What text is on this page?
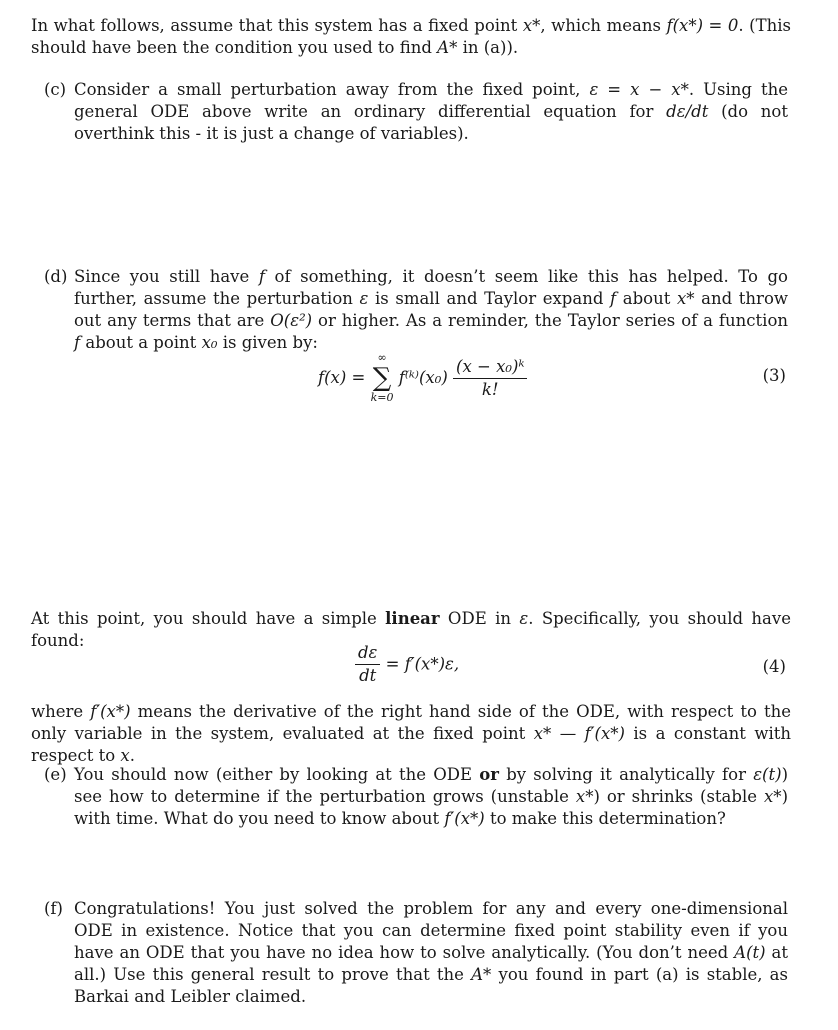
In what follows, assume that this system has a fixed point x*, which means f(x*) = 0. (This should have been the condition you used to find A* in (a)).
(c) Consider a small perturbation away from the fixed point, ε = x − x*. Using the general ODE above write an ordinary differential equation for dε/dt (do not overthink this - it is just a change of variables).
(d) Since you still have f of something, it doesn’t seem like this has helped. To go further, assume the perturbation ε is small and Taylor expand f about x* and throw out any terms that are O(ε²) or higher. As a reminder, the Taylor series of a function f about a point x₀ is given by:
f(x) =
∞
∑
k=0
f⁽ᵏ⁾(x₀) $\frac{\text{(x − x₀)ᵏ}}{k!}$	(3)
At this point, you should have a simple linear ODE in ε. Specifically, you should have found:
$\frac{d\varepsilon}{dt} = f'(x*)\varepsilon$,	(4)
where f′(x*) means the derivative of the right hand side of the ODE, with respect to the only variable in the system, evaluated at the fixed point x* — f′(x*) is a constant with respect to x.
(e) You should now (either by looking at the ODE or by solving it analytically for ε(t)) see how to determine if the perturbation grows (unstable x*) or shrinks (stable x*) with time. What do you need to know about f′(x*) to make this determination?
(f) Congratulations! You just solved the problem for any and every one-dimensional ODE in existence. Notice that you can determine fixed point stability even if you have an ODE that you have no idea how to solve analytically. (You don’t need A(t) at all.) Use this general result to prove that the A* you found in part (a) is stable, as Barkai and Leibler claimed.
